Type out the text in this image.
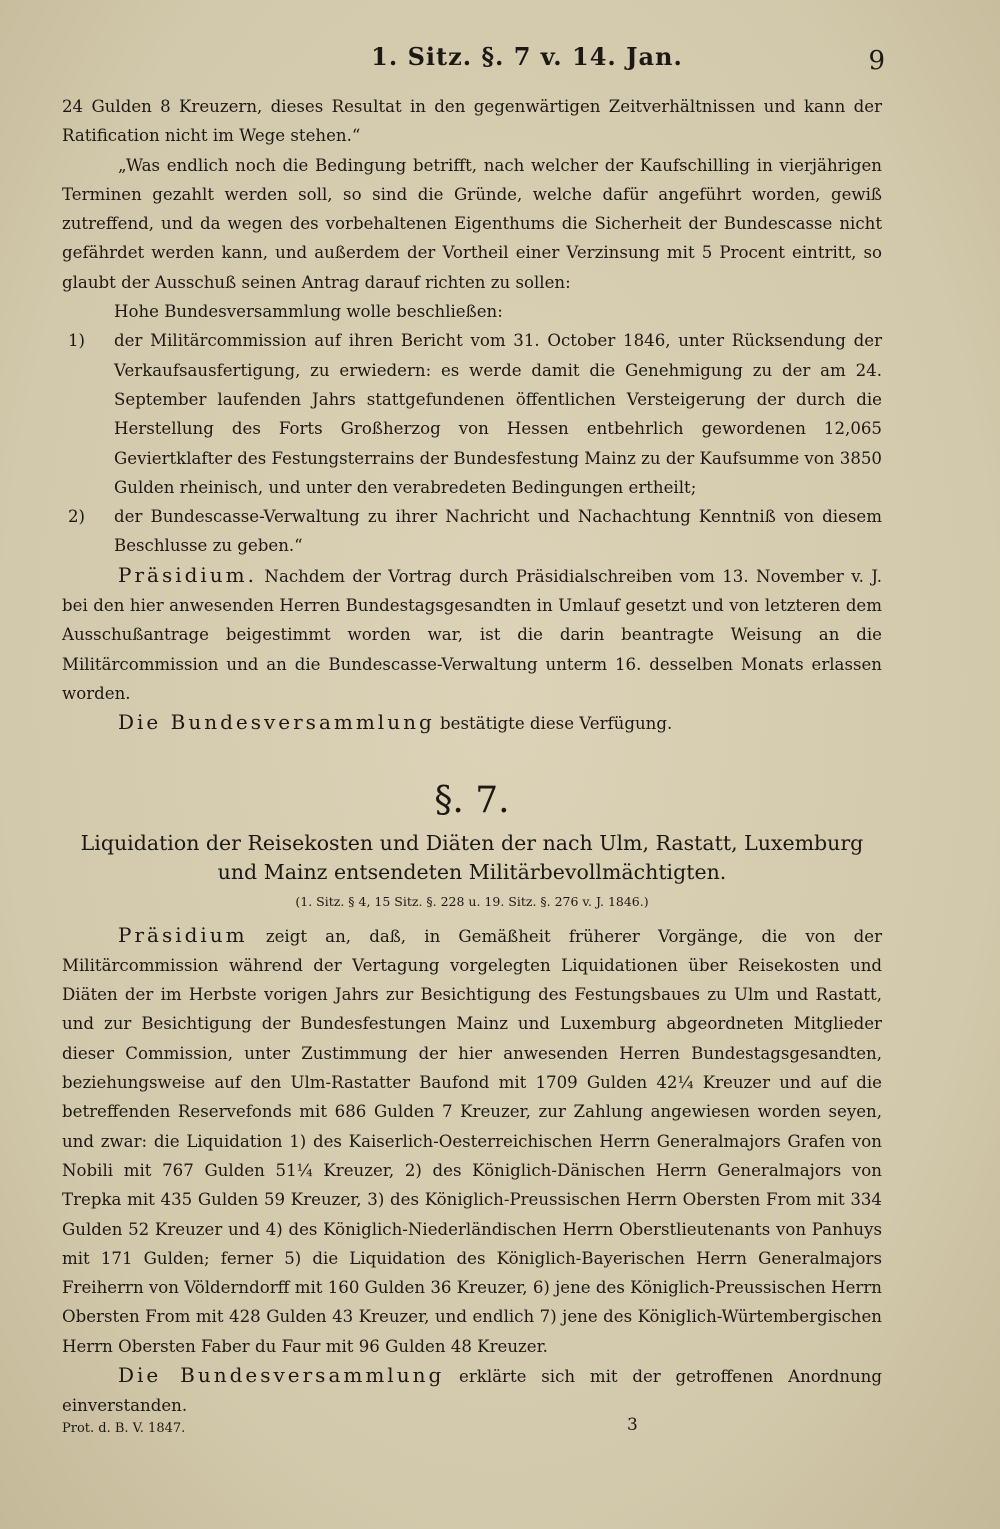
1. Sitz. §. 7 v. 14. Jan.	9

24 Gulden 8 Kreuzern, dieses Resultat in den gegenwärtigen Zeitverhältnissen und kann der Ratification nicht im Wege stehen.“

„Was endlich noch die Bedingung betrifft, nach welcher der Kaufschilling in vierjährigen Terminen gezahlt werden soll, so sind die Gründe, welche dafür angeführt worden, gewiß zutreffend, und da wegen des vorbehaltenen Eigenthums die Sicherheit der Bundescasse nicht gefährdet werden kann, und außerdem der Vortheil einer Verzinsung mit 5 Procent eintritt, so glaubt der Ausschuß seinen Antrag darauf richten zu sollen:

Hohe Bundesversammlung wolle beschließen:

1)	der Militärcommission auf ihren Bericht vom 31. October 1846, unter Rücksendung der Verkaufsausfertigung, zu erwiedern: es werde damit die Genehmigung zu der am 24. September laufenden Jahrs stattgefundenen öffentlichen Versteigerung der durch die Herstellung des Forts Großherzog von Hessen entbehrlich gewordenen 12,065 Geviertklafter des Festungsterrains der Bundesfestung Mainz zu der Kaufsumme von 3850 Gulden rheinisch, und unter den verabredeten Bedingungen ertheilt;
2)	der Bundescasse-Verwaltung zu ihrer Nachricht und Nachachtung Kenntniß von diesem Beschlusse zu geben.“

Präsidium. Nachdem der Vortrag durch Präsidialschreiben vom 13. November v. J. bei den hier anwesenden Herren Bundestagsgesandten in Umlauf gesetzt und von letzteren dem Ausschußantrage beigestimmt worden war, ist die darin beantragte Weisung an die Militärcommission und an die Bundescasse-Verwaltung unterm 16. desselben Monats erlassen worden.

Die Bundesversammlung bestätigte diese Verfügung.

§. 7.
Liquidation der Reisekosten und Diäten der nach Ulm, Rastatt, Luxemburg und Mainz entsendeten Militärbevollmächtigten.
(1. Sitz. § 4, 15 Sitz. §. 228 u. 19. Sitz. §. 276 v. J. 1846.)

Präsidium zeigt an, daß, in Gemäßheit früherer Vorgänge, die von der Militärcommission während der Vertagung vorgelegten Liquidationen über Reisekosten und Diäten der im Herbste vorigen Jahrs zur Besichtigung des Festungsbaues zu Ulm und Rastatt, und zur Besichtigung der Bundesfestungen Mainz und Luxemburg abgeordneten Mitglieder dieser Commission, unter Zustimmung der hier anwesenden Herren Bundestagsgesandten, beziehungsweise auf den Ulm-Rastatter Baufond mit 1709 Gulden 42¼ Kreuzer und auf die betreffenden Reservefonds mit 686 Gulden 7 Kreuzer, zur Zahlung angewiesen worden seyen, und zwar: die Liquidation 1) des Kaiserlich-Oesterreichischen Herrn Generalmajors Grafen von Nobili mit 767 Gulden 51¼ Kreuzer, 2) des Königlich-Dänischen Herrn Generalmajors von Trepka mit 435 Gulden 59 Kreuzer, 3) des Königlich-Preussischen Herrn Obersten From mit 334 Gulden 52 Kreuzer und 4) des Königlich-Niederländischen Herrn Oberstlieutenants von Panhuys mit 171 Gulden; ferner 5) die Liquidation des Königlich-Bayerischen Herrn Generalmajors Freiherrn von Völderndorff mit 160 Gulden 36 Kreuzer, 6) jene des Königlich-Preussischen Herrn Obersten From mit 428 Gulden 43 Kreuzer, und endlich 7) jene des Königlich-Würtembergischen Herrn Obersten Faber du Faur mit 96 Gulden 48 Kreuzer.

Die Bundesversammlung erklärte sich mit der getroffenen Anordnung einverstanden.

Prot. d. B. V. 1847.	3
